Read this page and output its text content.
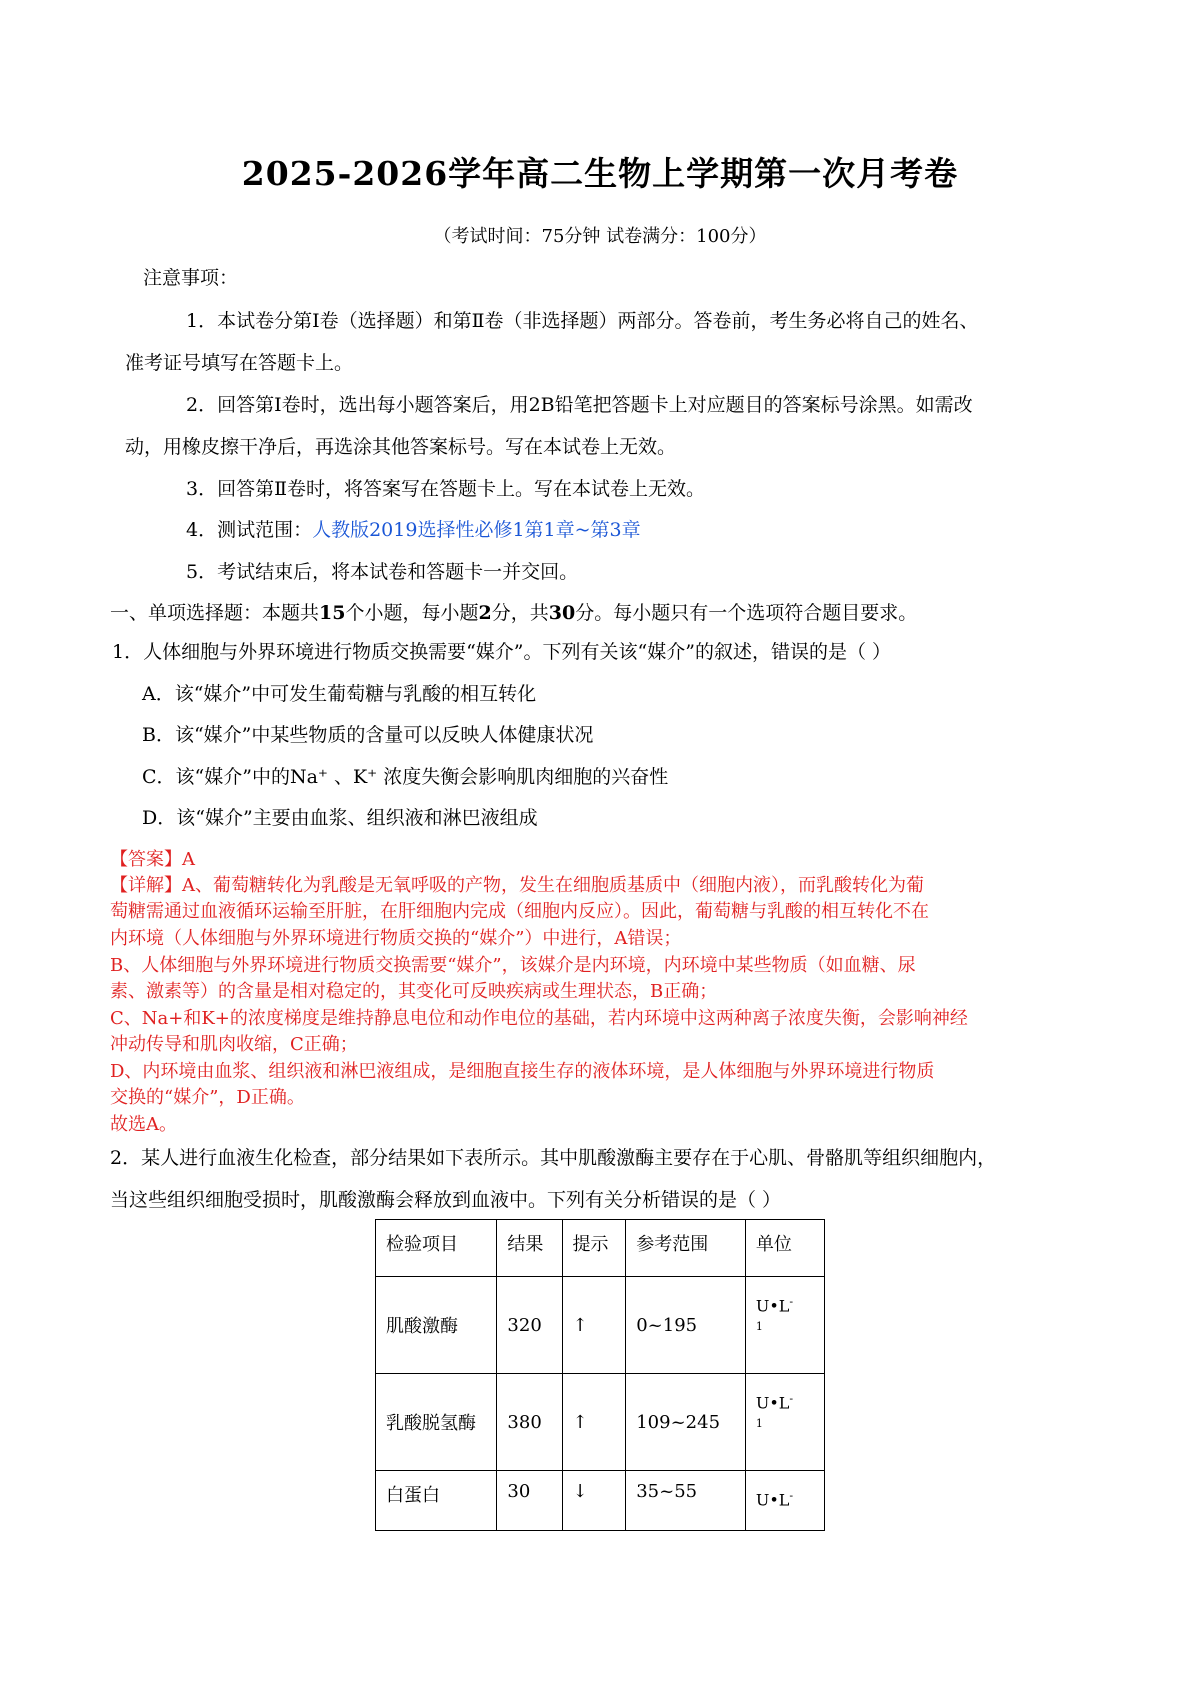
2025-2026学年高二生物上学期第一次月考卷
（考试时间：75分钟 试卷满分：100分）
注意事项：
1．本试卷分第Ⅰ卷（选择题）和第Ⅱ卷（非选择题）两部分。答卷前，考生务必将自己的姓名、
准考证号填写在答题卡上。
2．回答第Ⅰ卷时，选出每小题答案后，用2B铅笔把答题卡上对应题目的答案标号涂黑。如需改
动，用橡皮擦干净后，再选涂其他答案标号。写在本试卷上无效。
3．回答第Ⅱ卷时，将答案写在答题卡上。写在本试卷上无效。
4．测试范围：人教版2019选择性必修1第1章~第3章
5．考试结束后，将本试卷和答题卡一并交回。
一、单项选择题：本题共15个小题，每小题2分，共30分。每小题只有一个选项符合题目要求。
1．人体细胞与外界环境进行物质交换需要“媒介”。下列有关该“媒介”的叙述，错误的是（ ）
A．该“媒介”中可发生葡萄糖与乳酸的相互转化
B．该“媒介”中某些物质的含量可以反映人体健康状况
C．该“媒介”中的Na⁺ 、K⁺ 浓度失衡会影响肌肉细胞的兴奋性
D．该“媒介”主要由血浆、组织液和淋巴液组成
【答案】A
【详解】A、葡萄糖转化为乳酸是无氧呼吸的产物，发生在细胞质基质中（细胞内液），而乳酸转化为葡
萄糖需通过血液循环运输至肝脏，在肝细胞内完成（细胞内反应）。因此，葡萄糖与乳酸的相互转化不在
内环境（人体细胞与外界环境进行物质交换的“媒介”）中进行，A错误；
B、人体细胞与外界环境进行物质交换需要“媒介”，该媒介是内环境，内环境中某些物质（如血糖、尿
素、激素等）的含量是相对稳定的，其变化可反映疾病或生理状态，B正确；
C、Na+和K+的浓度梯度是维持静息电位和动作电位的基础，若内环境中这两种离子浓度失衡，会影响神经
冲动传导和肌肉收缩，C正确；
D、内环境由血浆、组织液和淋巴液组成，是细胞直接生存的液体环境，是人体细胞与外界环境进行物质
交换的“媒介”，D正确。
故选A。
2．某人进行血液生化检查，部分结果如下表所示。其中肌酸激酶主要存在于心肌、骨骼肌等组织细胞内，
当这些组织细胞受损时，肌酸激酶会释放到血液中。下列有关分析错误的是（ ）
检验项目	结果	提示	参考范围	单位
肌酸激酶	320	↑	0~195	U•L-
1

乳酸脱氢酶	380	↑	109~245	U•L-
1

白蛋白	30	↓	35~55	U•L-
